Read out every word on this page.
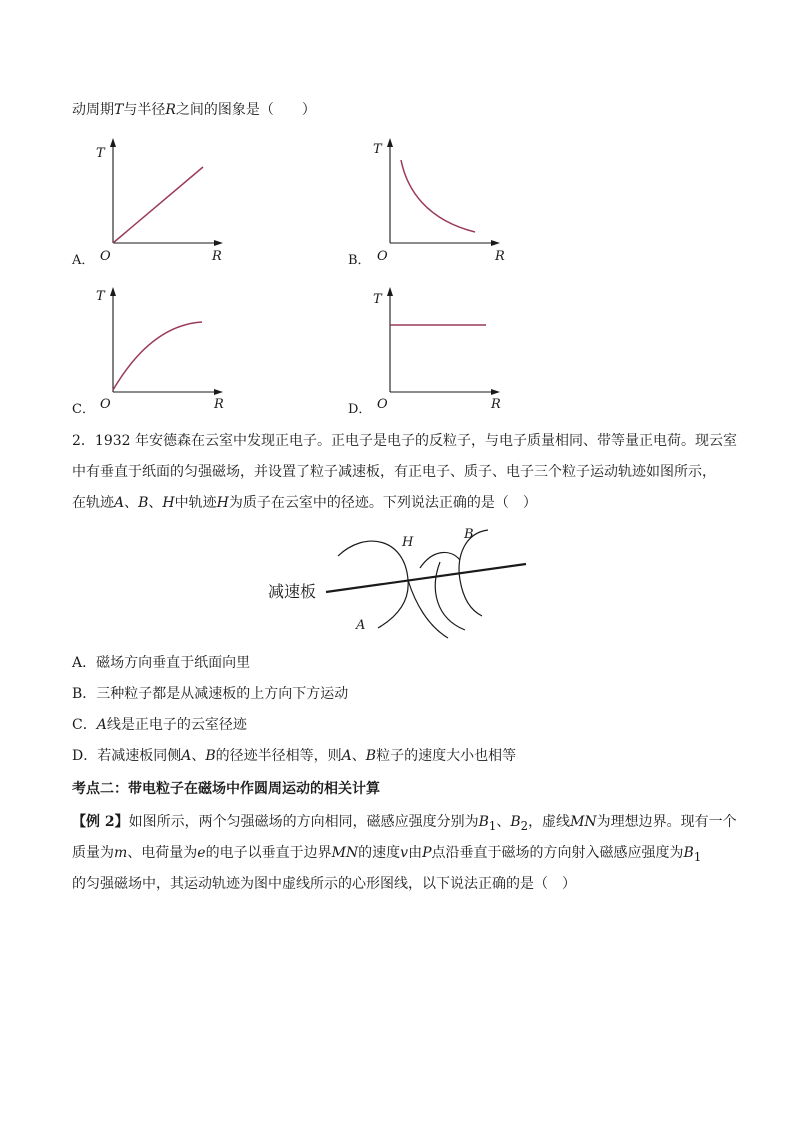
动周期T与半径R之间的图象是（　　）
A．
T
O	R	B．
T
O	R
C．
T
O	R	D．
T
O	R
2．1932 年安德森在云室中发现正电子。正电子是电子的反粒子，与电子质量相同、带等量正电荷。现云室
中有垂直于纸面的匀强磁场，并设置了粒子减速板，有正电子、质子、电子三个粒子运动轨迹如图所示，
在轨迹A、B、H中轨迹H为质子在云室中的径迹。下列说法正确的是（　）
减速板
A
H
B
A．磁场方向垂直于纸面向里
B．三种粒子都是从减速板的上方向下方运动
C．A线是正电子的云室径迹
D．若减速板同侧A、B的径迹半径相等，则A、B粒子的速度大小也相等
考点二：带电粒子在磁场中作圆周运动的相关计算
【例 2】如图所示，两个匀强磁场的方向相同，磁感应强度分别为$B_1$、$B_2$，虚线MN为理想边界。现有一个
质量为m、电荷量为e的电子以垂直于边界MN的速度v由P点沿垂直于磁场的方向射入磁感应强度为$B_1$
的匀强磁场中，其运动轨迹为图中虚线所示的心形图线，以下说法正确的是（　）
